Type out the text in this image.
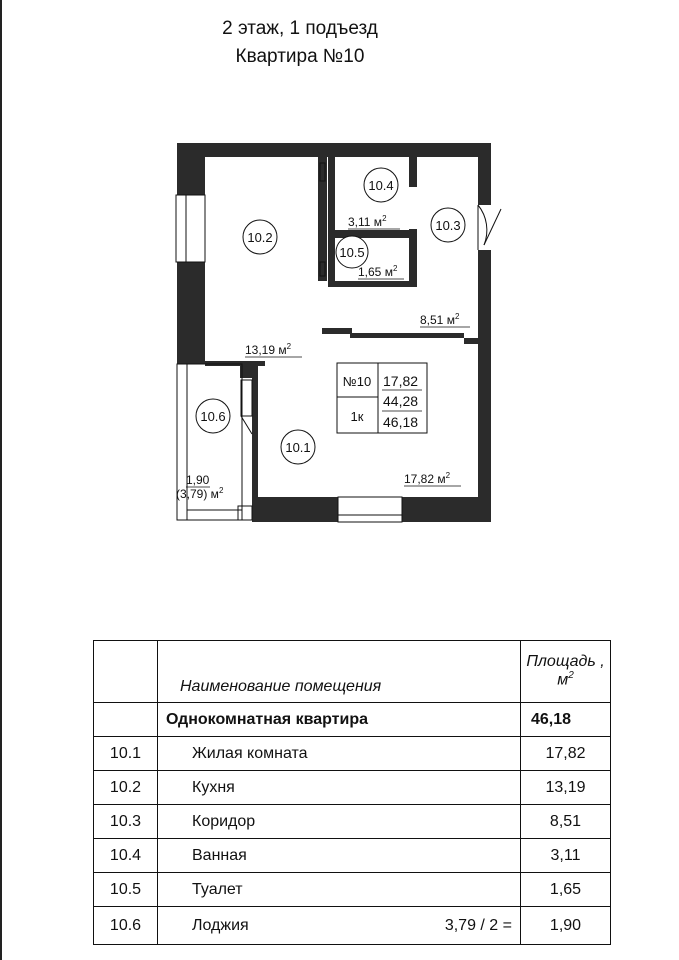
2 этаж, 1 подъезд
Квартира №10
10.2
10.4
10.3
10.5
10.6
10.1
3,11 $м^2$
1,65 $м^2$
8,51 $м^2$
13,19 $м^2$
17,82 $м^2$
1,90
(3,79) $м^2$
№10
1к
17,82
44,28
46,18
	Наименование помещения	Площадь ,
$м^2$

	Однокомнатная квартира	46,18
10.1	Жилая комната	17,82
10.2	Кухня	13,19
10.3	Коридор	8,51
10.4	Ванная	3,11
10.5	Туалет	1,65
10.6	Лоджия 3,79 / 2 =	1,90
